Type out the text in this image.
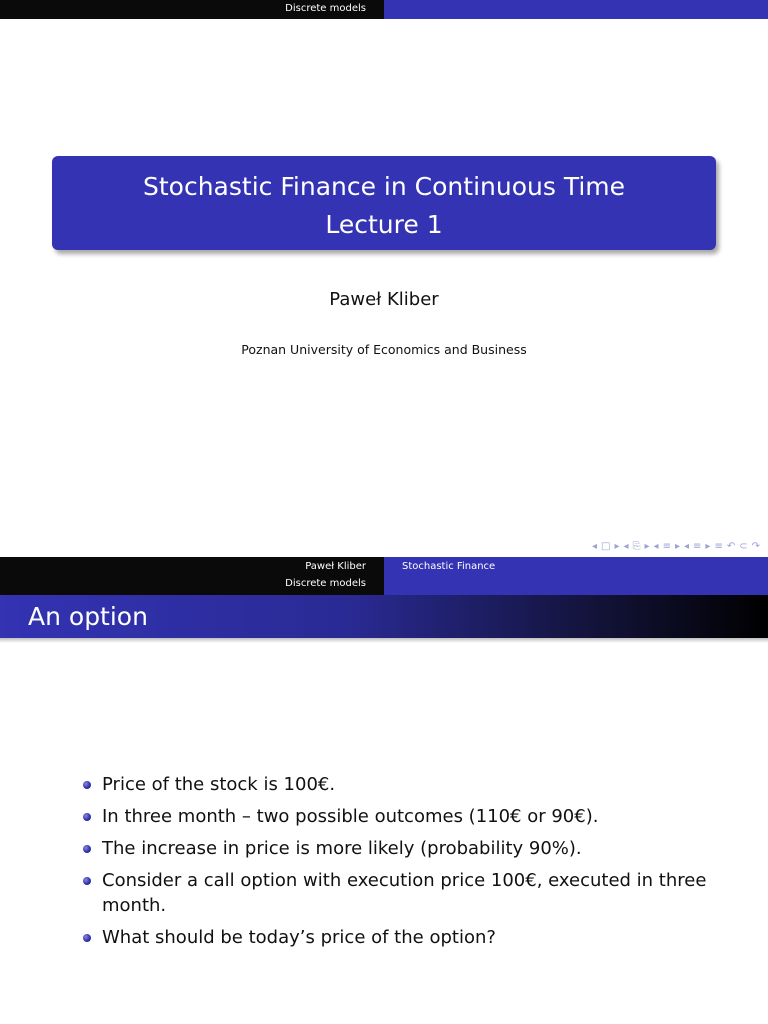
Discrete models
Stochastic Finance in Continuous Time
Lecture 1
Paweł Kliber
Poznan University of Economics and Business
◂ □ ▸ ◂ ⎘ ▸ ◂ ≡ ▸ ◂ ≡ ▸ ≡ ↶ ⊂ ↷
Paweł Kliber
Discrete models
Stochastic Finance
An option
Price of the stock is 100€.
In three month – two possible outcomes (110€ or 90€).
The increase in price is more likely (probability 90%).
Consider a call option with execution price 100€, executed in three month.
What should be today’s price of the option?
